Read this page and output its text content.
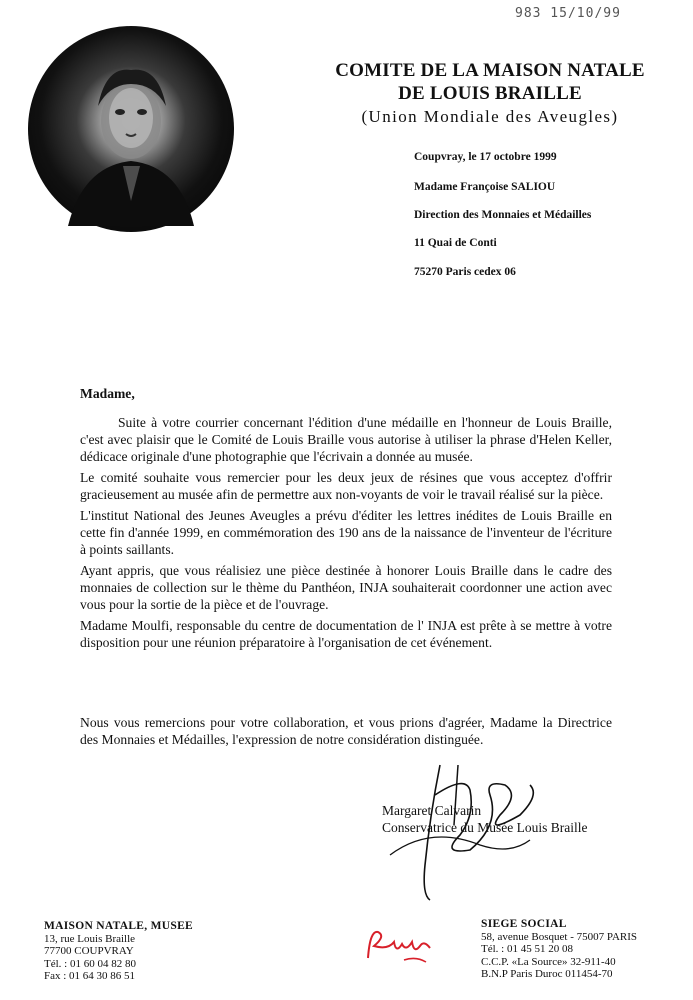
983 15/10/99
COMITE DE LA MAISON NATALE
DE LOUIS BRAILLE
(Union Mondiale des Aveugles)
Coupvray, le 17 octobre 1999
Madame Françoise SALIOU
Direction des Monnaies et Médailles
11 Quai de Conti
75270 Paris cedex 06
Madame,

Suite à votre courrier concernant l'édition d'une médaille en l'honneur de Louis Braille, c'est avec plaisir que le Comité de Louis Braille vous autorise à utiliser la phrase d'Helen Keller, dédicace originale d'une photographie que l'écrivain a donnée au musée.

Le comité souhaite vous remercier pour les deux jeux de résines que vous acceptez d'offrir gracieusement au musée afin de permettre aux non-voyants de voir le travail réalisé sur la pièce.

L'institut National des Jeunes Aveugles a prévu d'éditer les lettres inédites de Louis Braille en cette fin d'année 1999, en commémoration des 190 ans de la naissance de l'inventeur de l'écriture à points saillants.

Ayant appris, que vous réalisiez une pièce destinée à honorer Louis Braille dans le cadre des monnaies de collection sur le thème du Panthéon, INJA souhaiterait coordonner une action avec vous pour la sortie de la pièce et de l'ouvrage.

Madame Moulfi, responsable du centre de documentation de l' INJA est prête à se mettre à votre disposition pour une réunion préparatoire à l'organisation de cet événement.

Nous vous remercions pour votre collaboration, et vous prions d'agréer, Madame la Directrice des Monnaies et Médailles, l'expression de notre considération distinguée.
Margaret Calvarin
Conservatrice du Musée Louis Braille
MAISON NATALE, MUSEE
13, rue Louis Braille
77700 COUPVRAY
Tél. : 01 60 04 82 80
Fax : 01 64 30 86 51
SIEGE SOCIAL
58, avenue Bosquet - 75007 PARIS
Tél. : 01 45 51 20 08
C.C.P. «La Source» 32-911-40
B.N.P Paris Duroc 011454-70
